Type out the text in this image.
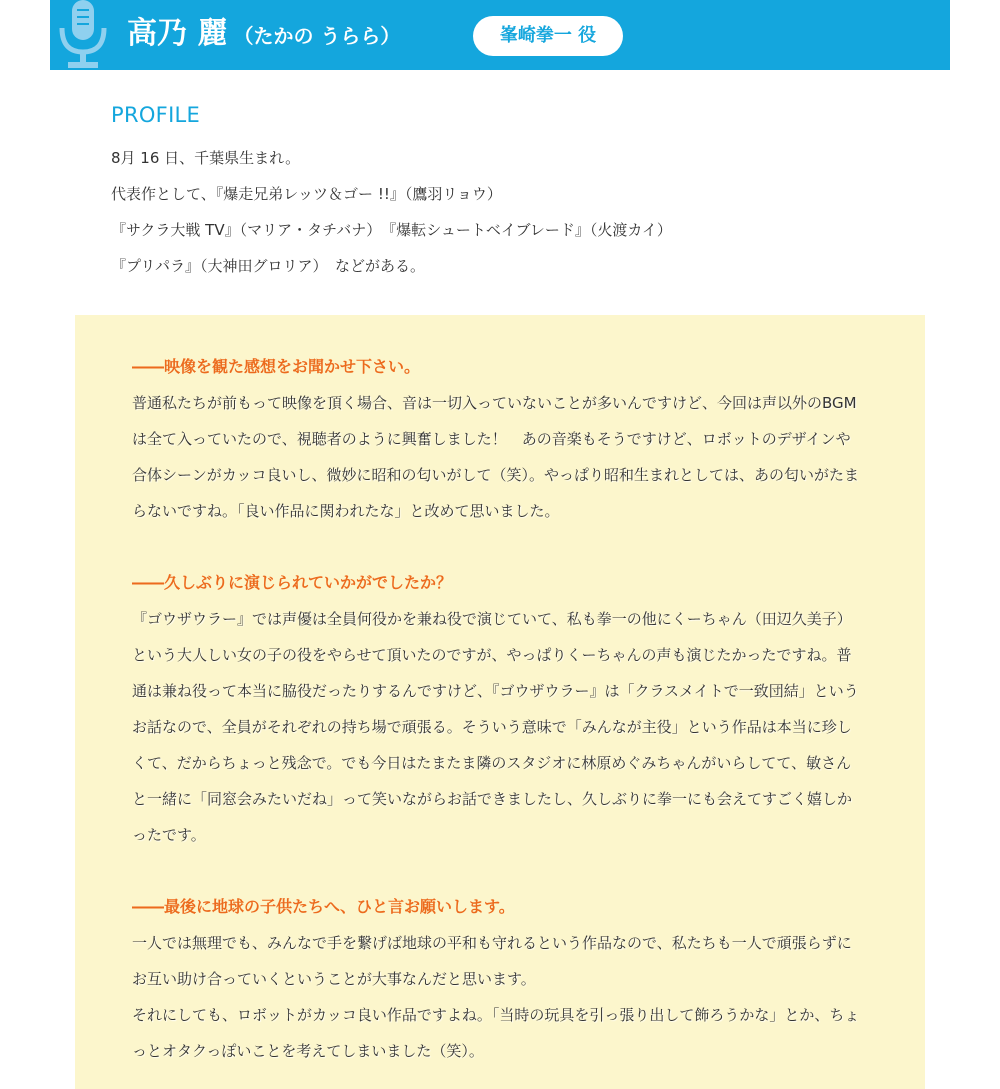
高乃 麗 （たかの うらら）	峯崎拳一 役
PROFILE
8月 16 日、千葉県生まれ。
代表作として、『爆走兄弟レッツ＆ゴー !!』（鷹羽リョウ）
『サクラ大戦 TV』（マリア・タチバナ）　『爆転シュートベイブレード』（火渡カイ）
『プリパラ』（大神田グロリア）　などがある。
――映像を観た感想をお聞かせ下さい。
普通私たちが前もって映像を頂く場合、音は一切入っていないことが多いんですけど、今回は声以外のBGM は全て入っていたので、視聴者のように興奮しました！　あの音楽もそうですけど、ロボットのデザインや合体シーンがカッコ良いし、微妙に昭和の匂いがして（笑）。やっぱり昭和生まれとしては、あの匂いがたまらないですね。「良い作品に関われたな」と改めて思いました。
――久しぶりに演じられていかがでしたか？
『ゴウザウラー』では声優は全員何役かを兼ね役で演じていて、私も拳一の他にくーちゃん（田辺久美子）という大人しい女の子の役をやらせて頂いたのですが、やっぱりくーちゃんの声も演じたかったですね。普通は兼ね役って本当に脇役だったりするんですけど、『ゴウザウラー』は「クラスメイトで一致団結」というお話なので、全員がそれぞれの持ち場で頑張る。そういう意味で「みんなが主役」という作品は本当に珍しくて、だからちょっと残念で。でも今日はたまたま隣のスタジオに林原めぐみちゃんがいらしてて、敏さんと一緒に「同窓会みたいだね」って笑いながらお話できましたし、久しぶりに拳一にも会えてすごく嬉しかったです。
――最後に地球の子供たちへ、ひと言お願いします。
一人では無理でも、みんなで手を繋げば地球の平和も守れるという作品なので、私たちも一人で頑張らずにお互い助け合っていくということが大事なんだと思います。
それにしても、ロボットがカッコ良い作品ですよね。「当時の玩具を引っ張り出して飾ろうかな」とか、ちょっとオタクっぽいことを考えてしまいました（笑）。
